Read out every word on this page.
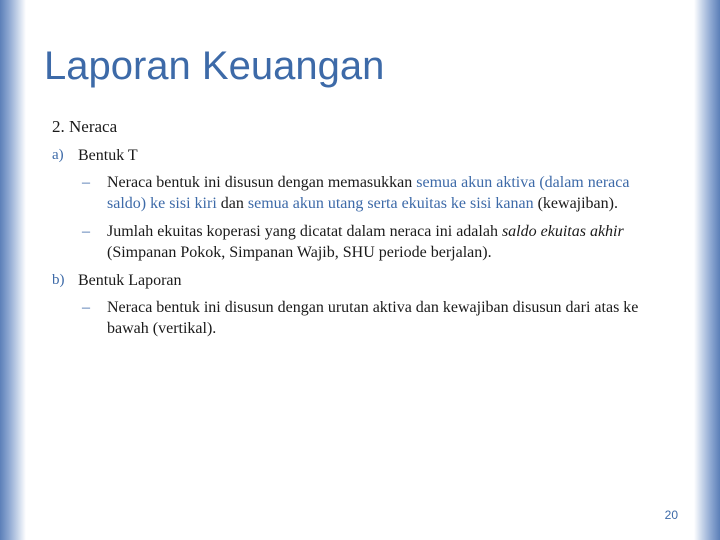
Laporan Keuangan

2. Neraca

a) Bentuk T
–	Neraca bentuk ini disusun dengan memasukkan semua akun aktiva (dalam neraca saldo) ke sisi kiri dan semua akun utang serta ekuitas ke sisi kanan (kewajiban).
–	Jumlah ekuitas koperasi yang dicatat dalam neraca ini adalah saldo ekuitas akhir (Simpanan Pokok, Simpanan Wajib, SHU periode berjalan).
b) Bentuk Laporan
–	Neraca bentuk ini disusun dengan urutan aktiva dan kewajiban disusun dari atas ke bawah (vertikal).
20
